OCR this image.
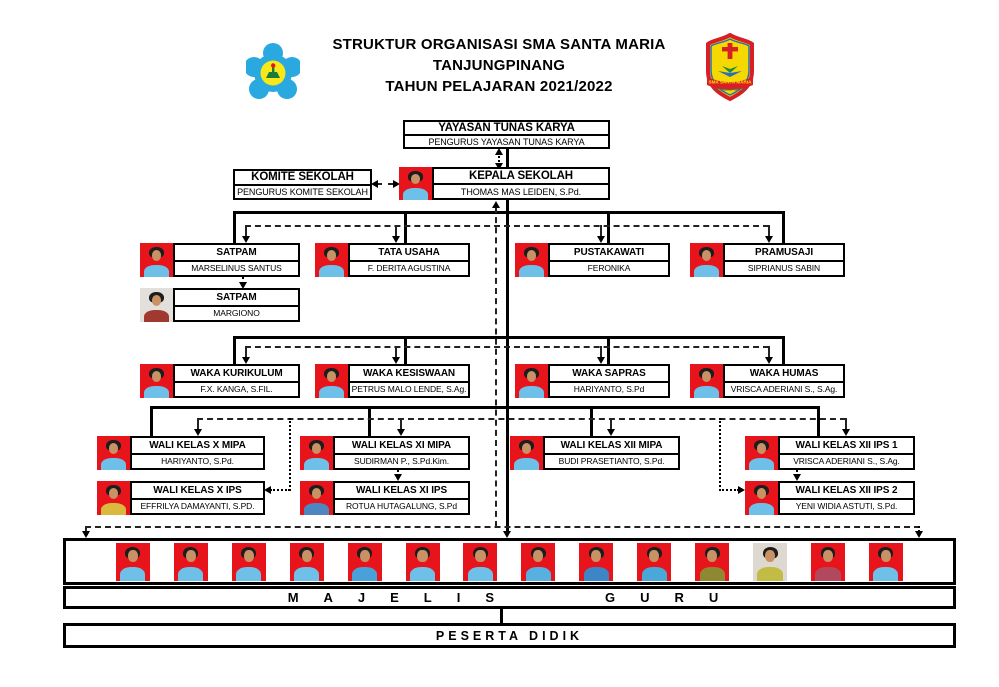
STRUKTUR ORGANISASI SMA SANTA MARIA
TANJUNGPINANG
TAHUN PELAJARAN 2021/2022	SMA SANTA MARIA
TANJUNGPINANG
YAYASAN TUNAS KARYA
PENGURUS YAYASAN TUNAS KARYA
KOMITE SEKOLAH
PENGURUS KOMITE SEKOLAH
KEPALA SEKOLAH
THOMAS MAS LEIDEN, S.Pd.
SATPAM
MARSELINUS SANTUS
TATA USAHA
F. DERITA AGUSTINA
PUSTAKAWATI
FERONIKA
PRAMUSAJI
SIPRIANUS SABIN
SATPAM
MARGIONO
WAKA KURIKULUM
F.X. KANGA, S.FIL.
WAKA KESISWAAN
PETRUS MALO LENDE, S.Ag.
WAKA SAPRAS
HARIYANTO, S.Pd
WAKA HUMAS
VRISCA ADERIANI S., S.Ag.
WALI KELAS X MIPA
HARIYANTO, S.Pd.
WALI KELAS XI MIPA
SUDIRMAN P., S.Pd.Kim.
WALI KELAS XII MIPA
BUDI PRASETIANTO, S.Pd.
WALI KELAS XII IPS 1
VRISCA ADERIANI S., S.Ag.
WALI KELAS X IPS
EFFRILYA DAMAYANTI, S.PD.
WALI KELAS XI IPS
ROTUA HUTAGALUNG, S.Pd
WALI KELAS XII IPS 2
YENI WIDIA ASTUTI, S.Pd.
MAJELIS	GURU
PESERTA DIDIK
